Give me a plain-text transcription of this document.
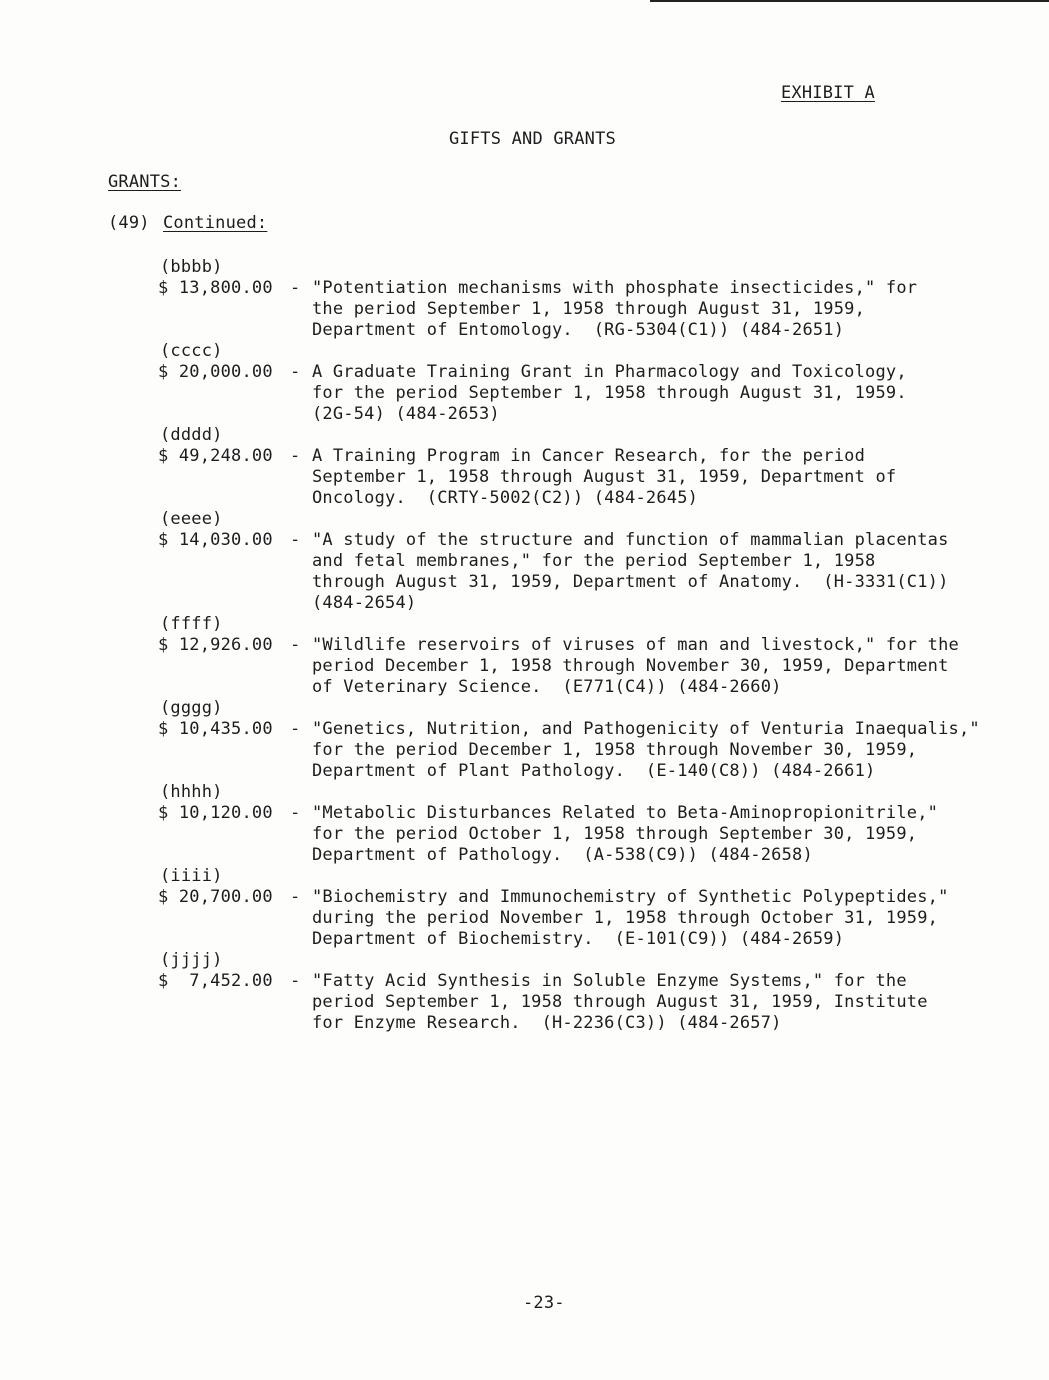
EXHIBIT A
GIFTS AND GRANTS
GRANTS:
(49) Continued:
(bbbb)
$ 13,800.00 - "Potentiation mechanisms with phosphate insecticides," for
the period September 1, 1958 through August 31, 1959,
Department of Entomology.  (RG-5304(C1)) (484-2651)
(cccc)
$ 20,000.00 - A Graduate Training Grant in Pharmacology and Toxicology,
for the period September 1, 1958 through August 31, 1959.
(2G-54) (484-2653)
(dddd)
$ 49,248.00 - A Training Program in Cancer Research, for the period
September 1, 1958 through August 31, 1959, Department of
Oncology.  (CRTY-5002(C2)) (484-2645)
(eeee)
$ 14,030.00 - "A study of the structure and function of mammalian placentas
and fetal membranes," for the period September 1, 1958
through August 31, 1959, Department of Anatomy.  (H-3331(C1))
(484-2654)
(ffff)
$ 12,926.00 - "Wildlife reservoirs of viruses of man and livestock," for the
period December 1, 1958 through November 30, 1959, Department
of Veterinary Science.  (E771(C4)) (484-2660)
(gggg)
$ 10,435.00 - "Genetics, Nutrition, and Pathogenicity of Venturia Inaequalis,"
for the period December 1, 1958 through November 30, 1959,
Department of Plant Pathology.  (E-140(C8)) (484-2661)
(hhhh)
$ 10,120.00 - "Metabolic Disturbances Related to Beta-Aminopropionitrile,"
for the period October 1, 1958 through September 30, 1959,
Department of Pathology.  (A-538(C9)) (484-2658)
(iiii)
$ 20,700.00 - "Biochemistry and Immunochemistry of Synthetic Polypeptides,"
during the period November 1, 1958 through October 31, 1959,
Department of Biochemistry.  (E-101(C9)) (484-2659)
(jjjj)
$  7,452.00 - "Fatty Acid Synthesis in Soluble Enzyme Systems," for the
period September 1, 1958 through August 31, 1959, Institute
for Enzyme Research.  (H-2236(C3)) (484-2657)
-23-
